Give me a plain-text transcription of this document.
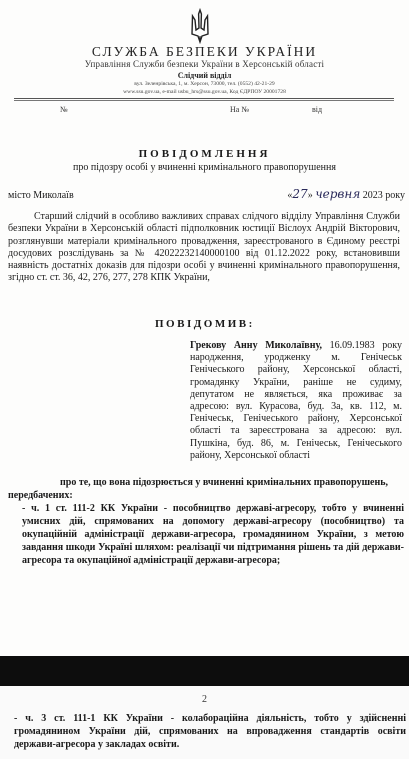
СЛУЖБА БЕЗПЕКИ УКРАЇНИ
Управління Служби безпеки України в Херсонській області
Слідчий відділ
вул. Зеленрівська, 1, м. Херсон, 73000, тел. (0552) 42-21-29
www.ssu.gov.ua, e-mail usbu_hrs@ssu.gov.ua, Код ЄДРПОУ 20001728
№	На №	від
ПОВІДОМЛЕННЯ
про підозру особі у вчиненні кримінального правопорушення
місто Миколаїв	«27» червня 2023 року
Старший слідчий в особливо важливих справах слідчого відділу Управління Служби безпеки України в Херсонській області підполковник юстиції Віслоух Андрій Вікторович, розглянувши матеріали кримінального провадження, зареєстрованого в Єдиному реєстрі досудових розслідувань за № 42022232140000100 від 01.12.2022 року, встановивши наявність достатніх доказів для підозри особі у вчиненні кримінального правопорушення, згідно ст. ст. 36, 42, 276, 277, 278 КПК України,
ПОВІДОМИВ:
Грекову Анну Миколаївну, 16.09.1983 року народження, уродженку м. Генічеськ Генічеського району, Херсонської області, громадянку України, раніше не судиму, депутатом не являється, яка проживає за адресою: вул. Курасова, буд. 3а, кв. 112, м. Генічеськ, Генічеського району, Херсонської області та зареєстрована за адресою: вул. Пушкіна, буд. 86, м. Генічеськ, Генічеського району, Херсонської області
про те, що вона підозрюється у вчиненні кримінальних правопорушень,
передбачених:
- ч. 1 ст. 111-2 КК України - пособництво державі-агресору, тобто у вчиненні умисних дій, спрямованих на допомогу державі-агресору (пособництво) та окупаційній адміністрації держави-агресора, громадянином України, з метою завдання шкоди Україні шляхом: реалізації чи підтримання рішень та дій держави-агресора та окупаційної адміністрації держави-агресора;
2
- ч. 3 ст. 111-1 КК України - колабораційна діяльність, тобто у здійсненні громадянином України дій, спрямованих на впровадження стандартів освіти держави-агресора у закладах освіти.
